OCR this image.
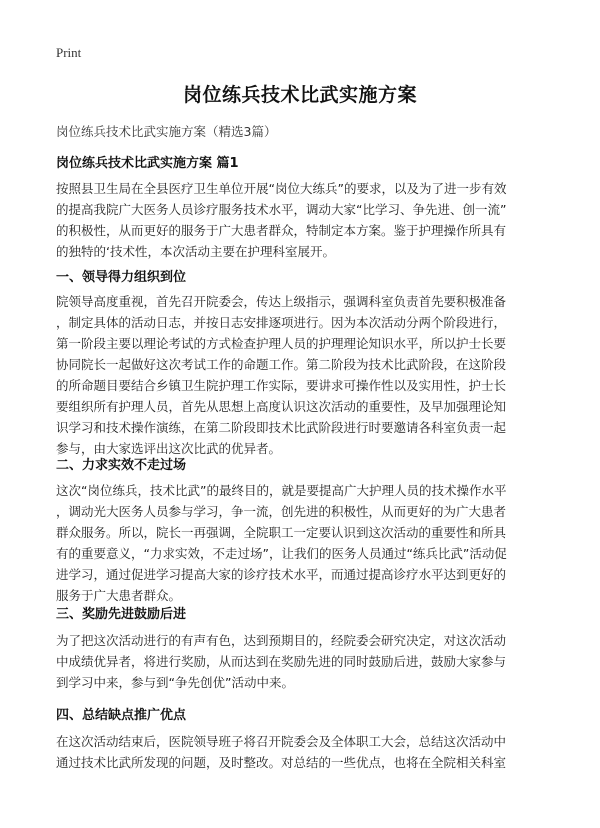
Print
岗位练兵技术比武实施方案
岗位练兵技术比武实施方案（精选3篇）
岗位练兵技术比武实施方案 篇1
按照县卫生局在全县医疗卫生单位开展“岗位大练兵”的要求，以及为了进一步有效
的提高我院广大医务人员诊疗服务技术水平，调动大家“比学习、争先进、创一流”
的积极性，从而更好的服务于广大患者群众，特制定本方案。鉴于护理操作所具有
的独特的‘技术性，本次活动主要在护理科室展开。
一、领导得力组织到位
院领导高度重视，首先召开院委会，传达上级指示，强调科室负责首先要积极准备
，制定具体的活动日志，并按日志安排逐项进行。因为本次活动分两个阶段进行，
第一阶段主要以理论考试的方式检查护理人员的护理理论知识水平，所以护士长要
协同院长一起做好这次考试工作的命题工作。第二阶段为技术比武阶段，在这阶段
的所命题目要结合乡镇卫生院护理工作实际，要讲求可操作性以及实用性，护士长
要组织所有护理人员，首先从思想上高度认识这次活动的重要性，及早加强理论知
识学习和技术操作演练，在第二阶段即技术比武阶段进行时要邀请各科室负责一起
参与，由大家选评出这次比武的优异者。
二、力求实效不走过场
这次“岗位练兵，技术比武”的最终目的，就是要提高广大护理人员的技术操作水平
，调动光大医务人员参与学习，争一流，创先进的积极性，从而更好的为广大患者
群众服务。所以，院长一再强调，全院职工一定要认识到这次活动的重要性和所具
有的重要意义，“力求实效，不走过场”，让我们的医务人员通过“练兵比武”活动促
进学习，通过促进学习提高大家的诊疗技术水平，而通过提高诊疗水平达到更好的
服务于广大患者群众。
三、奖励先进鼓励后进
为了把这次活动进行的有声有色，达到预期目的，经院委会研究决定，对这次活动
中成绩优异者，将进行奖励，从而达到在奖励先进的同时鼓励后进，鼓励大家参与
到学习中来，参与到“争先创优”活动中来。
四、总结缺点推广优点
在这次活动结束后，医院领导班子将召开院委会及全体职工大会，总结这次活动中
通过技术比武所发现的问题，及时整改。对总结的一些优点，也将在全院相关科室
